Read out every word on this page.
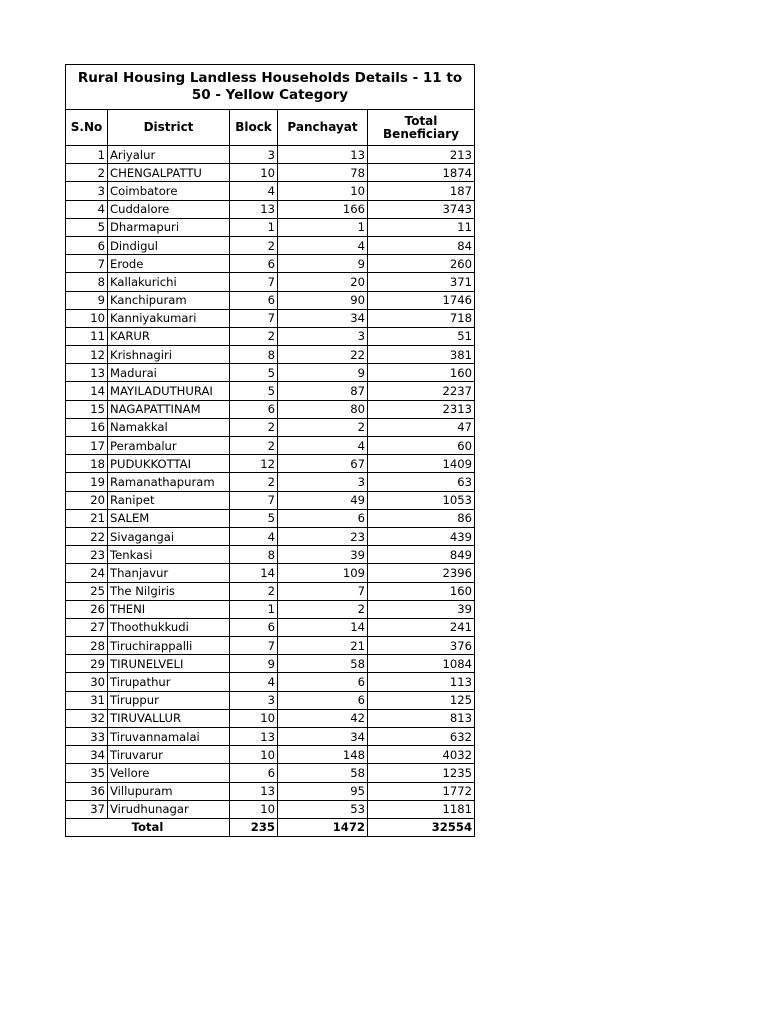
Rural Housing Landless Households Details - 11 to 50 - Yellow Category				
S.No	District	Block	Panchayat	Total Beneficiary
1	Ariyalur	3	13	213
2	CHENGALPATTU	10	78	1874
3	Coimbatore	4	10	187
4	Cuddalore	13	166	3743
5	Dharmapuri	1	1	11
6	Dindigul	2	4	84
7	Erode	6	9	260
8	Kallakurichi	7	20	371
9	Kanchipuram	6	90	1746
10	Kanniyakumari	7	34	718
11	KARUR	2	3	51
12	Krishnagiri	8	22	381
13	Madurai	5	9	160
14	MAYILADUTHURAI	5	87	2237
15	NAGAPATTINAM	6	80	2313
16	Namakkal	2	2	47
17	Perambalur	2	4	60
18	PUDUKKOTTAI	12	67	1409
19	Ramanathapuram	2	3	63
20	Ranipet	7	49	1053
21	SALEM	5	6	86
22	Sivagangai	4	23	439
23	Tenkasi	8	39	849
24	Thanjavur	14	109	2396
25	The Nilgiris	2	7	160
26	THENI	1	2	39
27	Thoothukkudi	6	14	241
28	Tiruchirappalli	7	21	376
29	TIRUNELVELI	9	58	1084
30	Tirupathur	4	6	113
31	Tiruppur	3	6	125
32	TIRUVALLUR	10	42	813
33	Tiruvannamalai	13	34	632
34	Tiruvarur	10	148	4032
35	Vellore	6	58	1235
36	Villupuram	13	95	1772
37	Virudhunagar	10	53	1181
Total		235	1472	32554
